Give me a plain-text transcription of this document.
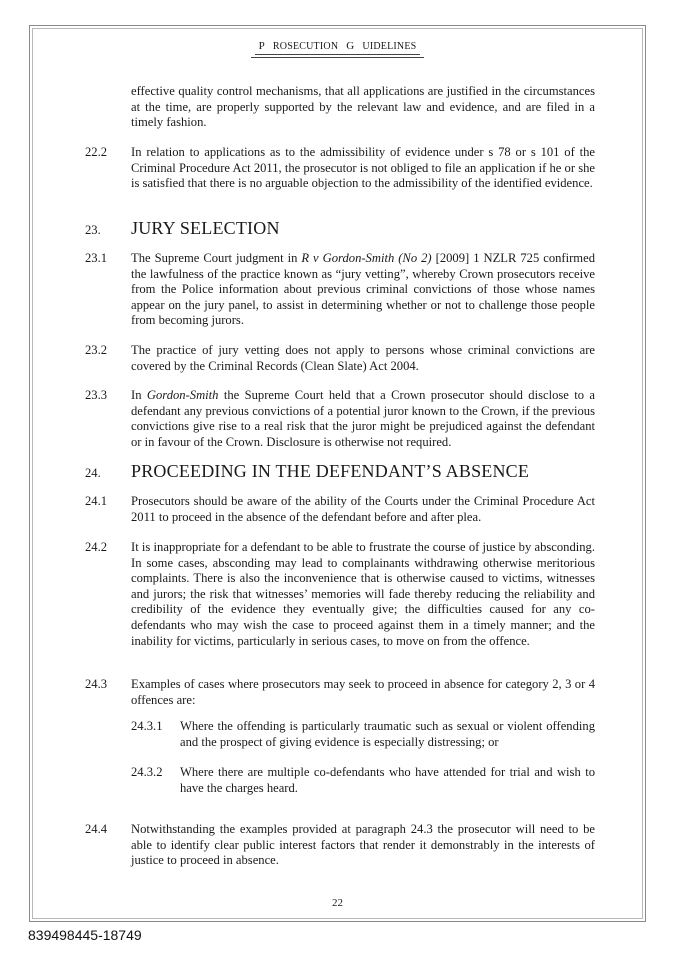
P ROSECUTIONG UIDELINES
effective quality control mechanisms, that all applications are justified in the circumstances at the time, are properly supported by the relevant law and evidence, and are filed in a timely fashion.
22.2	In relation to applications as to the admissibility of evidence under s 78 or s 101 of the Criminal Procedure Act 2011, the prosecutor is not obliged to file an application if he or she is satisfied that there is no arguable objection to the admissibility of the identified evidence.
23.	JURY SELECTION
23.1	The Supreme Court judgment in R v Gordon-Smith (No 2) [2009] 1 NZLR 725 confirmed the lawfulness of the practice known as “jury vetting”, whereby Crown prosecutors receive from the Police information about previous criminal convictions of those whose names appear on the jury panel, to assist in determining whether or not to challenge those people from becoming jurors.
23.2	The practice of jury vetting does not apply to persons whose criminal convictions are covered by the Criminal Records (Clean Slate) Act 2004.
23.3	In Gordon-Smith the Supreme Court held that a Crown prosecutor should disclose to a defendant any previous convictions of a potential juror known to the Crown, if the previous convictions give rise to a real risk that the juror might be prejudiced against the defendant or in favour of the Crown. Disclosure is otherwise not required.
24.	PROCEEDING IN THE DEFENDANT’S ABSENCE
24.1	Prosecutors should be aware of the ability of the Courts under the Criminal Procedure Act 2011 to proceed in the absence of the defendant before and after plea.
24.2	It is inappropriate for a defendant to be able to frustrate the course of justice by absconding. In some cases, absconding may lead to complainants withdrawing otherwise meritorious complaints. There is also the inconvenience that is otherwise caused to victims, witnesses and jurors; the risk that witnesses’ memories will fade thereby reducing the reliability and credibility of the evidence they eventually give; the difficulties caused for any co-defendants who may wish the case to proceed against them in a timely manner; and the inability for victims, particularly in serious cases, to move on from the offence.
24.3	Examples of cases where prosecutors may seek to proceed in absence for category 2, 3 or 4 offences are:
24.3.1	Where the offending is particularly traumatic such as sexual or violent offending and the prospect of giving evidence is especially distressing; or
24.3.2	Where there are multiple co-defendants who have attended for trial and wish to have the charges heard.
24.4	Notwithstanding the examples provided at paragraph 24.3 the prosecutor will need to be able to identify clear public interest factors that render it demonstrably in the interests of justice to proceed in absence.
22
839498445-18749
